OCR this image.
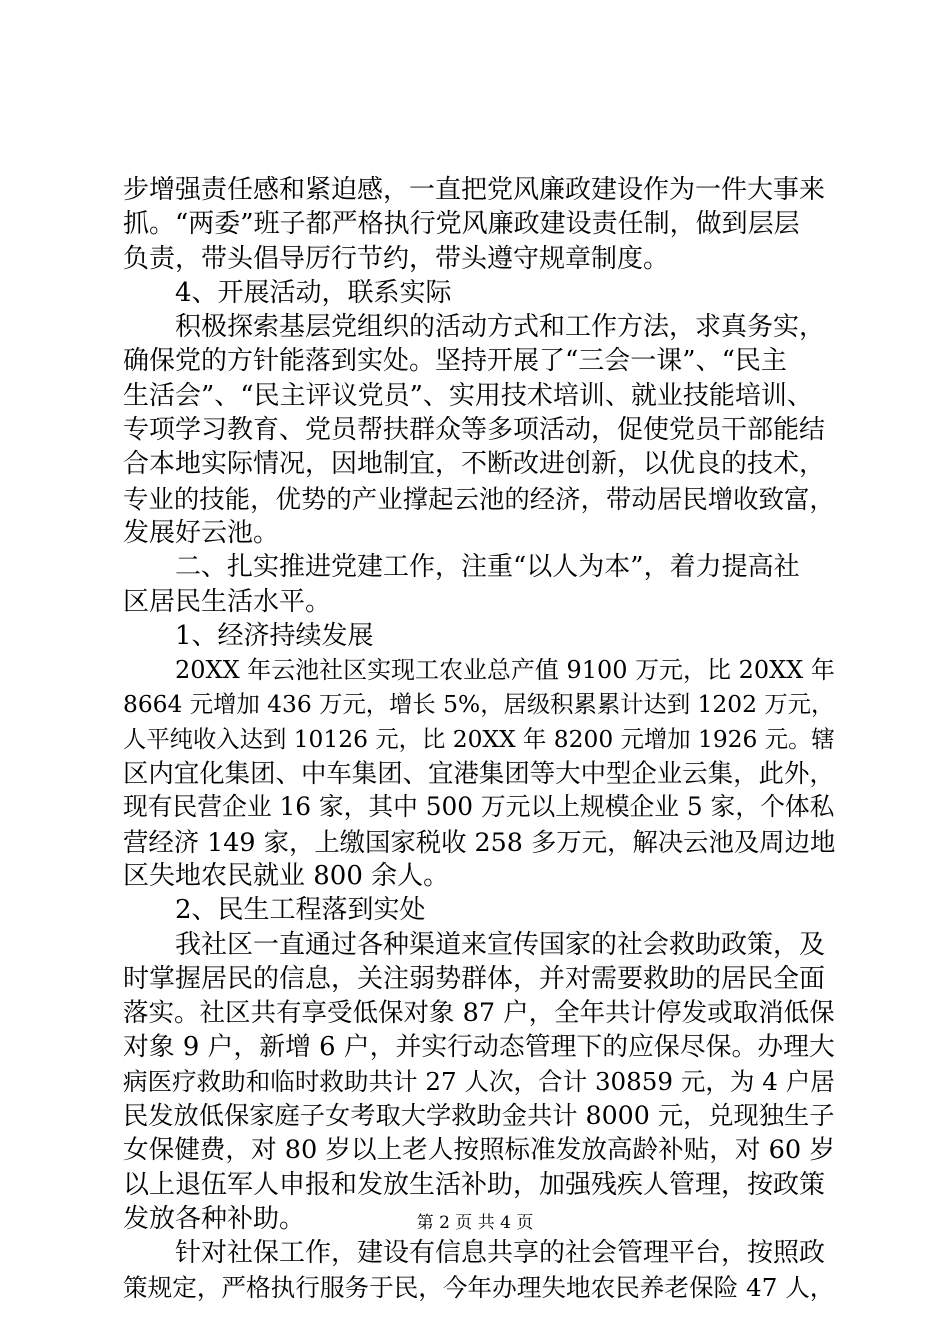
步增强责任感和紧迫感，一直把党风廉政建设作为一件大事来
抓。“两委”班子都严格执行党风廉政建设责任制，做到层层
负责，带头倡导厉行节约，带头遵守规章制度。
4、开展活动，联系实际
积极探索基层党组织的活动方式和工作方法，求真务实，
确保党的方针能落到实处。坚持开展了“三会一课”、“民主
生活会”、“民主评议党员”、实用技术培训、就业技能培训、
专项学习教育、党员帮扶群众等多项活动，促使党员干部能结
合本地实际情况，因地制宜，不断改进创新，以优良的技术，
专业的技能，优势的产业撑起云池的经济，带动居民增收致富，
发展好云池。
二、扎实推进党建工作，注重“以人为本”，着力提高社
区居民生活水平。
1、经济持续发展
20XX 年云池社区实现工农业总产值 9100 万元，比 20XX 年
8664 元增加 436 万元，增长 5%，居级积累累计达到 1202 万元，
人平纯收入达到 10126 元，比 20XX 年 8200 元增加 1926 元。辖
区内宜化集团、中车集团、宜港集团等大中型企业云集，此外，
现有民营企业 16 家，其中 500 万元以上规模企业 5 家，个体私
营经济 149 家，上缴国家税收 258 多万元，解决云池及周边地
区失地农民就业 800 余人。
2、民生工程落到实处
我社区一直通过各种渠道来宣传国家的社会救助政策，及
时掌握居民的信息，关注弱势群体，并对需要救助的居民全面
落实。社区共有享受低保对象 87 户，全年共计停发或取消低保
对象 9 户，新增 6 户，并实行动态管理下的应保尽保。办理大
病医疗救助和临时救助共计 27 人次，合计 30859 元，为 4 户居
民发放低保家庭子女考取大学救助金共计 8000 元，兑现独生子
女保健费，对 80 岁以上老人按照标准发放高龄补贴，对 60 岁
以上退伍军人申报和发放生活补助，加强残疾人管理，按政策
发放各种补助。
针对社保工作，建设有信息共享的社会管理平台，按照政
策规定，严格执行服务于民，今年办理失地农民养老保险 47 人，
第 2 页 共 4 页
